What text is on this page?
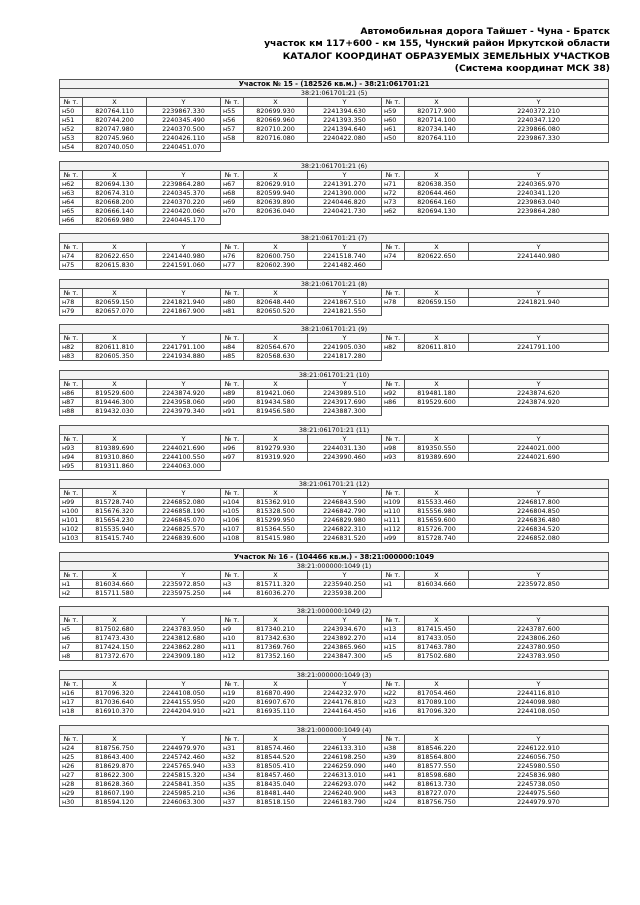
Автомобильная дорога Тайшет - Чуна - Братск
участок км 117+600 - км 155, Чунский район Иркутской области
КАТАЛОГ КООРДИНАТ ОБРАЗУЕМЫХ ЗЕМЕЛЬНЫХ УЧАСТКОВ
(Система координат МСК 38)
Участок № 15 - (182526 кв.м.) - 38:21:061701:21								
38:21:061701:21 (5)								
№ т.	X	Y	№ т.	X	Y	№ т.	X	Y
н50	820764.110	2239867.330	н55	820699.930	2241394.630	н59	820717.900	2240372.210
н51	820744.200	2240345.490	н56	820669.960	2241393.350	н60	820714.100	2240347.120
н52	820747.980	2240370.500	н57	820710.200	2241394.640	н61	820734.140	2239866.080
н53	820745.960	2240426.110	н58	820716.080	2240422.080	н50	820764.110	2239867.330
н54	820740.050	2240451.070						
38:21:061701:21 (6)								
№ т.	X	Y	№ т.	X	Y	№ т.	X	Y
н62	820694.130	2239864.280	н67	820629.910	2241391.270	н71	820638.350	2240365.970
н63	820674.310	2240345.370	н68	820599.940	2241390.000	н72	820644.460	2240341.120
н64	820668.200	2240370.220	н69	820639.890	2240446.820	н73	820664.160	2239863.040
н65	820666.140	2240420.060	н70	820636.040	2240421.730	н62	820694.130	2239864.280
н66	820669.980	2240445.170						
38:21:061701:21 (7)								
№ т.	X	Y	№ т.	X	Y	№ т.	X	Y
н74	820622.650	2241440.980	н76	820600.750	2241518.740	н74	820622.650	2241440.980
н75	820615.830	2241591.060	н77	820602.390	2241482.460			
38:21:061701:21 (8)								
№ т.	X	Y	№ т.	X	Y	№ т.	X	Y
н78	820659.150	2241821.940	н80	820648.440	2241867.510	н78	820659.150	2241821.940
н79	820657.070	2241867.900	н81	820650.520	2241821.550			
38:21:061701:21 (9)								
№ т.	X	Y	№ т.	X	Y	№ т.	X	Y
н82	820611.810	2241791.100	н84	820564.670	2241905.030	н82	820611.810	2241791.100
н83	820605.350	2241934.880	н85	820568.630	2241817.280			
38:21:061701:21 (10)								
№ т.	X	Y	№ т.	X	Y	№ т.	X	Y
н86	819529.600	2243874.920	н89	819421.060	2243989.510	н92	819481.180	2243874.620
н87	819446.300	2243958.060	н90	819434.580	2243917.690	н86	819529.600	2243874.920
н88	819432.030	2243979.340	н91	819456.580	2243887.300			
38:21:061701:21 (11)								
№ т.	X	Y	№ т.	X	Y	№ т.	X	Y
н93	819389.690	2244021.690	н96	819279.930	2244031.130	н98	819350.550	2244021.000
н94	819310.860	2244100.550	н97	819319.920	2243990.460	н93	819389.690	2244021.690
н95	819311.860	2244063.000						
38:21:061701:21 (12)								
№ т.	X	Y	№ т.	X	Y	№ т.	X	Y
н99	815728.740	2246852.080	н104	815362.910	2246843.590	н109	815533.460	2246817.800
н100	815676.320	2246858.190	н105	815328.500	2246842.790	н110	815556.980	2246804.850
н101	815654.230	2246845.070	н106	815299.950	2246829.980	н111	815659.600	2246836.480
н102	815535.940	2246825.570	н107	815364.550	2246822.310	н112	815726.700	2246834.520
н103	815415.740	2246839.600	н108	815415.980	2246831.520	н99	815728.740	2246852.080
Участок № 16 - (104466 кв.м.) - 38:21:000000:1049								
38:21:000000:1049 (1)								
№ т.	X	Y	№ т.	X	Y	№ т.	X	Y
н1	816034.660	2235972.850	н3	815711.320	2235940.250	н1	816034.660	2235972.850
н2	815711.580	2235975.250	н4	816036.270	2235938.200			
38:21:000000:1049 (2)								
№ т.	X	Y	№ т.	X	Y	№ т.	X	Y
н5	817502.680	2243783.950	н9	817340.210	2243934.670	н13	817415.450	2243787.600
н6	817473.430	2243812.680	н10	817342.630	2243892.270	н14	817433.050	2243806.260
н7	817424.150	2243862.280	н11	817369.760	2243865.960	н15	817463.780	2243780.950
н8	817372.670	2243909.180	н12	817352.160	2243847.300	н5	817502.680	2243783.950
38:21:000000:1049 (3)								
№ т.	X	Y	№ т.	X	Y	№ т.	X	Y
н16	817096.320	2244108.050	н19	816870.490	2244232.970	н22	817054.460	2244116.810
н17	817036.640	2244155.950	н20	816907.670	2244176.810	н23	817089.100	2244098.980
н18	816910.370	2244204.910	н21	816935.110	2244164.450	н16	817096.320	2244108.050
38:21:000000:1049 (4)								
№ т.	X	Y	№ т.	X	Y	№ т.	X	Y
н24	818756.750	2244979.970	н31	818574.460	2246133.310	н38	818546.220	2246122.910
н25	818643.400	2245742.460	н32	818544.520	2246198.250	н39	818564.800	2246056.750
н26	818629.870	2245765.940	н33	818505.410	2246259.090	н40	818577.550	2245980.550
н27	818622.300	2245815.320	н34	818457.460	2246313.010	н41	818598.680	2245836.980
н28	818628.360	2245841.350	н35	818435.040	2246293.070	н42	818613.730	2245738.050
н29	818607.190	2245985.210	н36	818481.440	2246240.900	н43	818727.070	2244975.560
н30	818594.120	2246063.300	н37	818518.150	2246183.790	н24	818756.750	2244979.970
